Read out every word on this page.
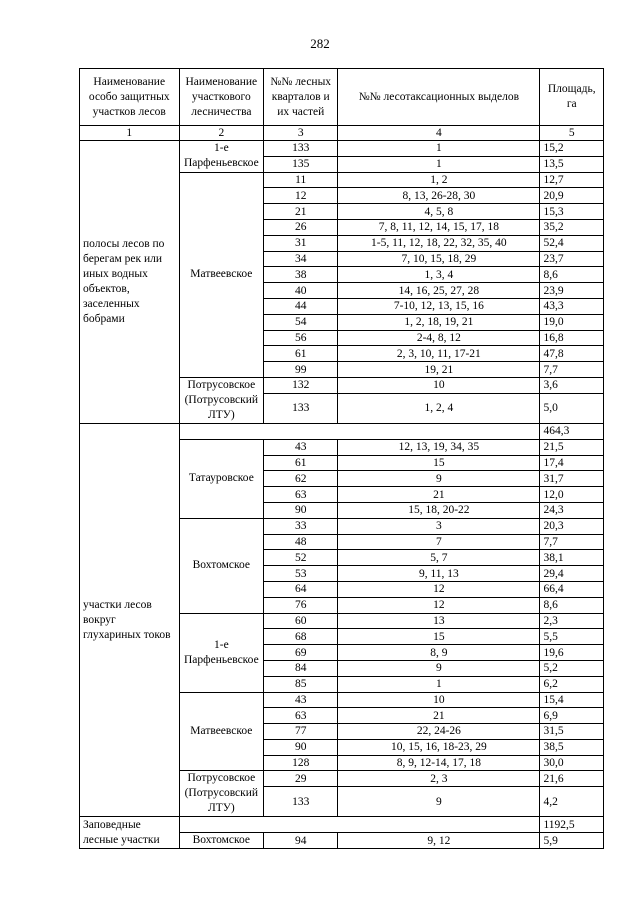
282
Наименование особо защитных участков лесов	Наименование участкового лесничества	№№ лесных кварталов и их частей	№№ лесотаксационных выделов	Площадь, га
1	2	3	4	5
полосы лесов по берегам рек или иных водных объектов, заселенных бобрами	1-е Парфеньевское	133	1	15,2
		135	1	13,5
	Матвеевское	11	1, 2	12,7
		12	8, 13, 26-28, 30	20,9
		21	4, 5, 8	15,3
		26	7, 8, 11, 12, 14, 15, 17, 18	35,2
		31	1-5, 11, 12, 18, 22, 32, 35, 40	52,4
		34	7, 10, 15, 18, 29	23,7
		38	1, 3, 4	8,6
		40	14, 16, 25, 27, 28	23,9
		44	7-10, 12, 13, 15, 16	43,3
		54	1, 2, 18, 19, 21	19,0
		56	2-4, 8, 12	16,8
		61	2, 3, 10, 11, 17-21	47,8
		99	19, 21	7,7
	Потрусовское (Потрусовский ЛТУ)	132	10	3,6
		133	1, 2, 4	5,0
участки лесов вокруг глухариных токов				464,3
	Татауровское	43	12, 13, 19, 34, 35	21,5
		61	15	17,4
		62	9	31,7
		63	21	12,0
		90	15, 18, 20-22	24,3
	Вохтомское	33	3	20,3
		48	7	7,7
		52	5, 7	38,1
		53	9, 11, 13	29,4
		64	12	66,4
		76	12	8,6
	1-е Парфеньевское	60	13	2,3
		68	15	5,5
		69	8, 9	19,6
		84	9	5,2
		85	1	6,2
	Матвеевское	43	10	15,4
		63	21	6,9
		77	22, 24-26	31,5
		90	10, 15, 16, 18-23, 29	38,5
		128	8, 9, 12-14, 17, 18	30,0
	Потрусовское (Потрусовский ЛТУ)	29	2, 3	21,6
		133	9	4,2
Заповедные лесные участки				1192,5
	Вохтомское	94	9, 12	5,9
